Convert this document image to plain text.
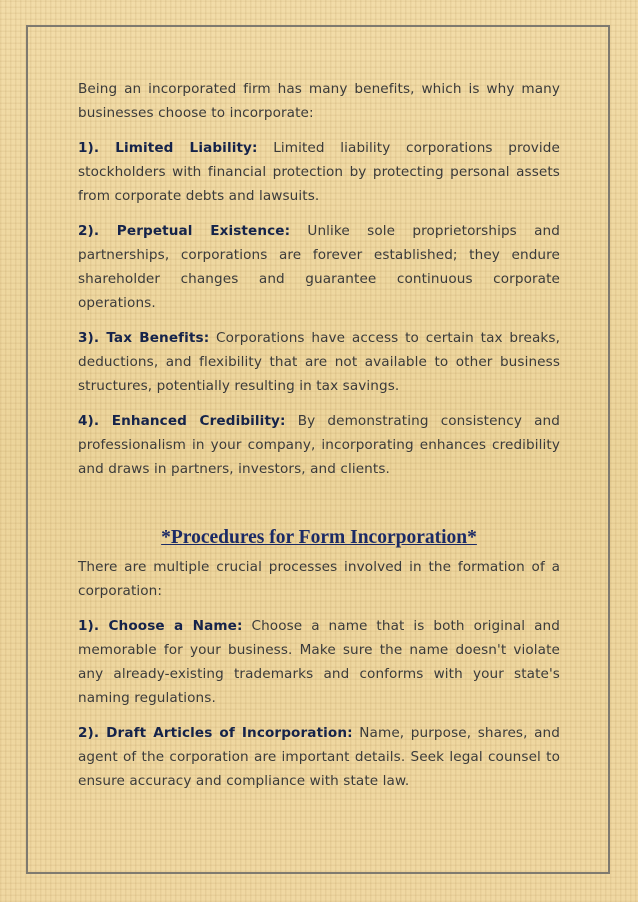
Being an incorporated firm has many benefits, which is why many businesses choose to incorporate:

1). Limited Liability: Limited liability corporations provide stockholders with financial protection by protecting personal assets from corporate debts and lawsuits.

2). Perpetual Existence: Unlike sole proprietorships and partnerships, corporations are forever established; they endure shareholder changes and guarantee continuous corporate operations.

3). Tax Benefits: Corporations have access to certain tax breaks, deductions, and flexibility that are not available to other business structures, potentially resulting in tax savings.

4). Enhanced Credibility: By demonstrating consistency and professionalism in your company, incorporating enhances credibility and draws in partners, investors, and clients.

*Procedures for Form Incorporation*

There are multiple crucial processes involved in the formation of a corporation:

1). Choose a Name: Choose a name that is both original and memorable for your business. Make sure the name doesn't violate any already-existing trademarks and conforms with your state's naming regulations.

2). Draft Articles of Incorporation: Name, purpose, shares, and agent of the corporation are important details. Seek legal counsel to ensure accuracy and compliance with state law.
